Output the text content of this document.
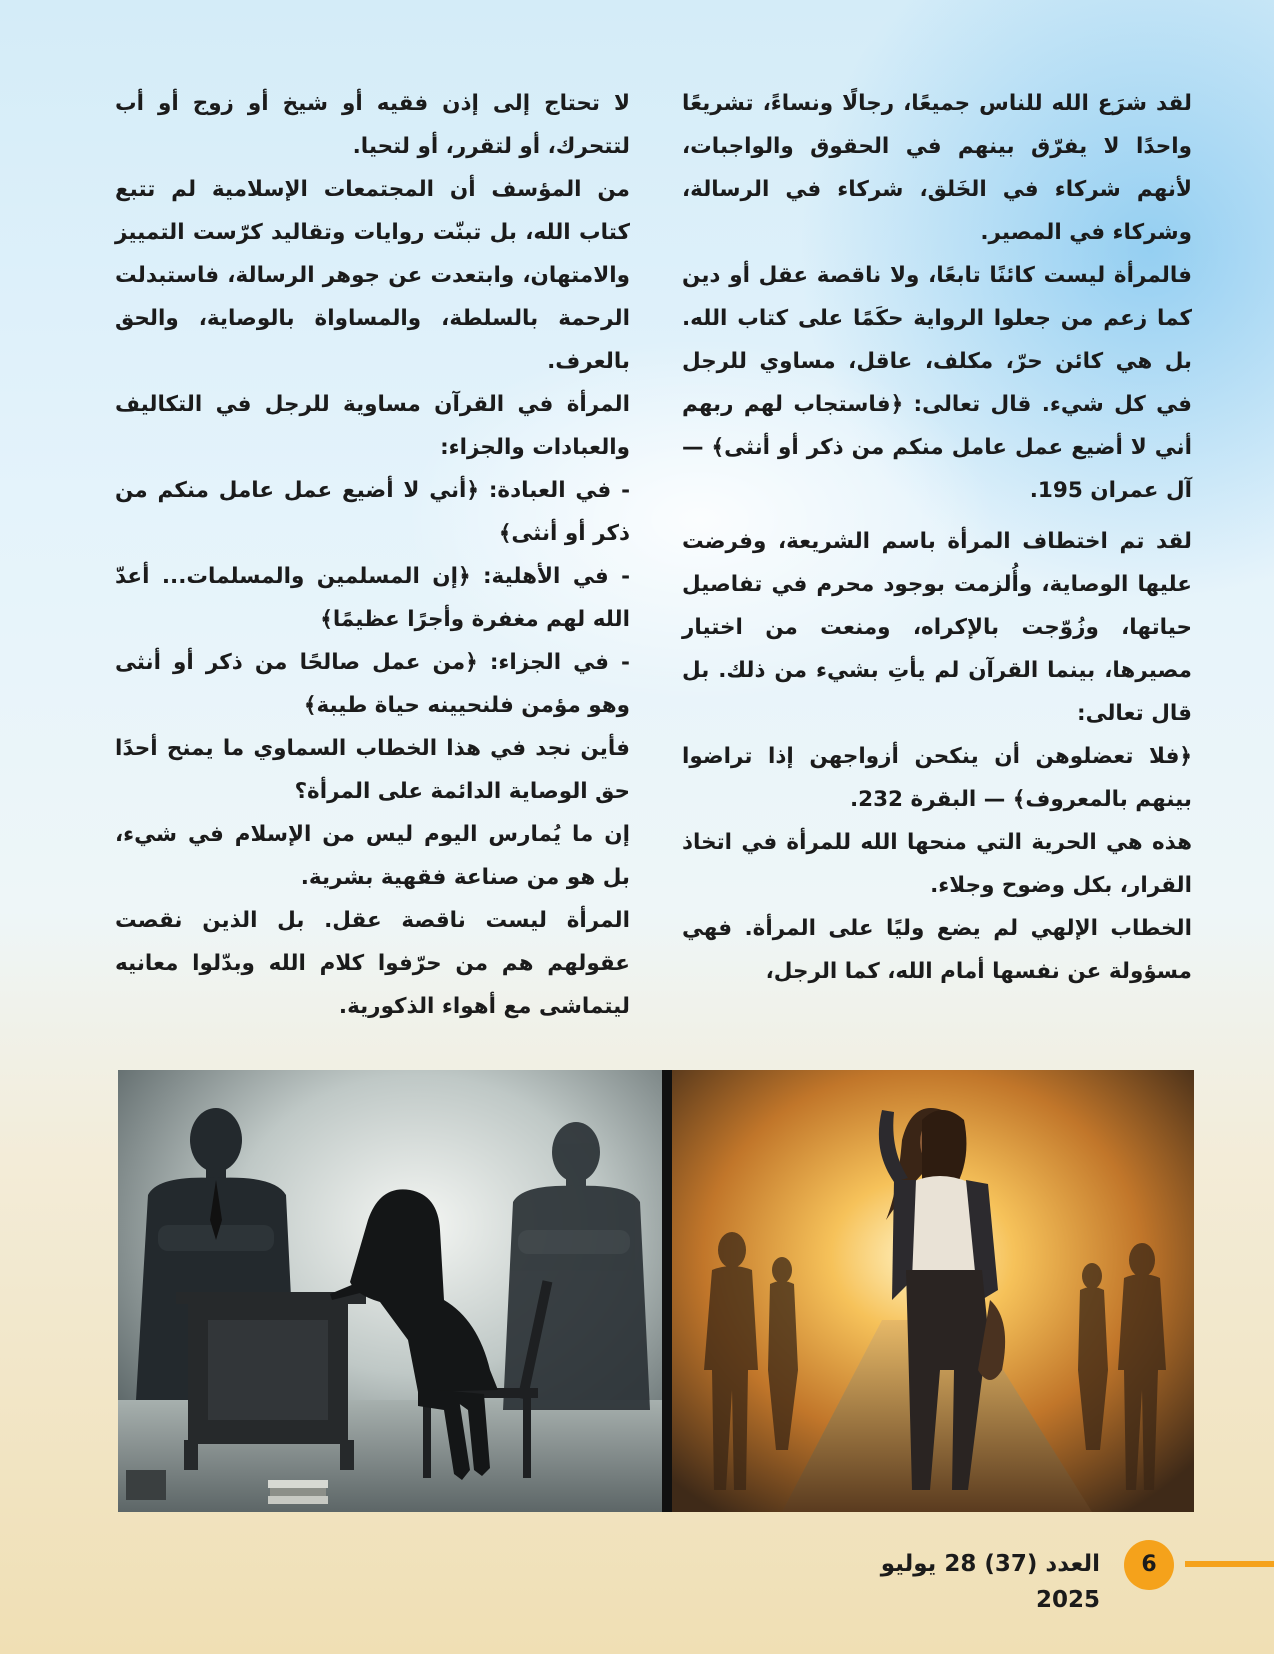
لقد شرَع الله للناس جميعًا، رجالًا ونساءً، تشريعًا واحدًا لا يفرّق بينهم في الحقوق والواجبات، لأنهم شركاء في الخَلق، شركاء في الرسالة، وشركاء في المصير.

فالمرأة ليست كائنًا تابعًا، ولا ناقصة عقل أو دين كما زعم من جعلوا الرواية حكَمًا على كتاب الله. بل هي كائن حرّ، مكلف، عاقل، مساوي للرجل في كل شيء. قال تعالى: ﴿فاستجاب لهم ربهم أني لا أضيع عمل عامل منكم من ذكر أو أنثى﴾ — آل عمران 195.

لقد تم اختطاف المرأة باسم الشريعة، وفرضت عليها الوصاية، وأُلزمت بوجود محرم في تفاصيل حياتها، وزُوّجت بالإكراه، ومنعت من اختيار مصيرها، بينما القرآن لم يأتِ بشيء من ذلك. بل قال تعالى:

﴿فلا تعضلوهن أن ينكحن أزواجهن إذا تراضوا بينهم بالمعروف﴾ — البقرة 232.

هذه هي الحرية التي منحها الله للمرأة في اتخاذ القرار، بكل وضوح وجلاء.

الخطاب الإلهي لم يضع وليًا على المرأة. فهي مسؤولة عن نفسها أمام الله، كما الرجل،

لا تحتاج إلى إذن فقيه أو شيخ أو زوج أو أب لتتحرك، أو لتقرر، أو لتحيا.

من المؤسف أن المجتمعات الإسلامية لم تتبع كتاب الله، بل تبنّت روايات وتقاليد كرّست التمييز والامتهان، وابتعدت عن جوهر الرسالة، فاستبدلت الرحمة بالسلطة، والمساواة بالوصاية، والحق بالعرف.

المرأة في القرآن مساوية للرجل في التكاليف والعبادات والجزاء:

- في العبادة: ﴿أني لا أضيع عمل عامل منكم من ذكر أو أنثى﴾

- في الأهلية: ﴿إن المسلمين والمسلمات... أعدّ الله لهم مغفرة وأجرًا عظيمًا﴾

- في الجزاء: ﴿من عمل صالحًا من ذكر أو أنثى وهو مؤمن فلنحيينه حياة طيبة﴾

فأين نجد في هذا الخطاب السماوي ما يمنح أحدًا حق الوصاية الدائمة على المرأة؟

إن ما يُمارس اليوم ليس من الإسلام في شيء، بل هو من صناعة فقهية بشرية.

المرأة ليست ناقصة عقل. بل الذين نقصت عقولهم هم من حرّفوا كلام الله وبدّلوا معانيه ليتماشى مع أهواء الذكورية.

6
العدد (37) 28 يوليو 2025
